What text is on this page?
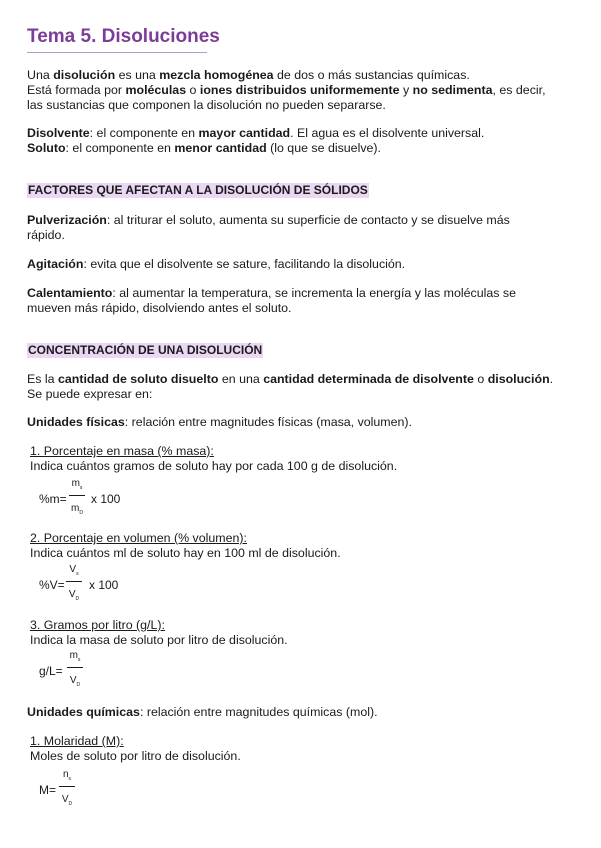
Tema 5. Disoluciones

Una disolución es una mezcla homogénea de dos o más sustancias químicas.

Está formada por moléculas o iones distribuidos uniformemente y no sedimenta, es decir,

las sustancias que componen la disolución no pueden separarse.

Disolvente: el componente en mayor cantidad. El agua es el disolvente universal.

Soluto: el componente en menor cantidad (lo que se disuelve).

FACTORES QUE AFECTAN A LA DISOLUCIÓN DE SÓLIDOS

Pulverización: al triturar el soluto, aumenta su superficie de contacto y se disuelve más

rápido.

Agitación: evita que el disolvente se sature, facilitando la disolución.

Calentamiento: al aumentar la temperatura, se incrementa la energía y las moléculas se

mueven más rápido, disolviendo antes el soluto.

CONCENTRACIÓN DE UNA DISOLUCIÓN

Es la cantidad de soluto disuelto en una cantidad determinada de disolvente o disolución.

Se puede expresar en:

Unidades físicas: relación entre magnitudes físicas (masa, volumen).

1. Porcentaje en masa (% masa):

Indica cuántos gramos de soluto hay por cada 100 g de disolución.

%m=
$m_s$
$m_D$
x 100

2. Porcentaje en volumen (% volumen):

Indica cuántos ml de soluto hay en 100 ml de disolución.

%V=
$V_s$
$V_D$
x 100

3. Gramos por litro (g/L):

Indica la masa de soluto por litro de disolución.

g/L=
$m_s$
$V_D$

Unidades químicas: relación entre magnitudes químicas (mol).

1. Molaridad (M):

Moles de soluto por litro de disolución.

M=
$n_s$
$V_D$
